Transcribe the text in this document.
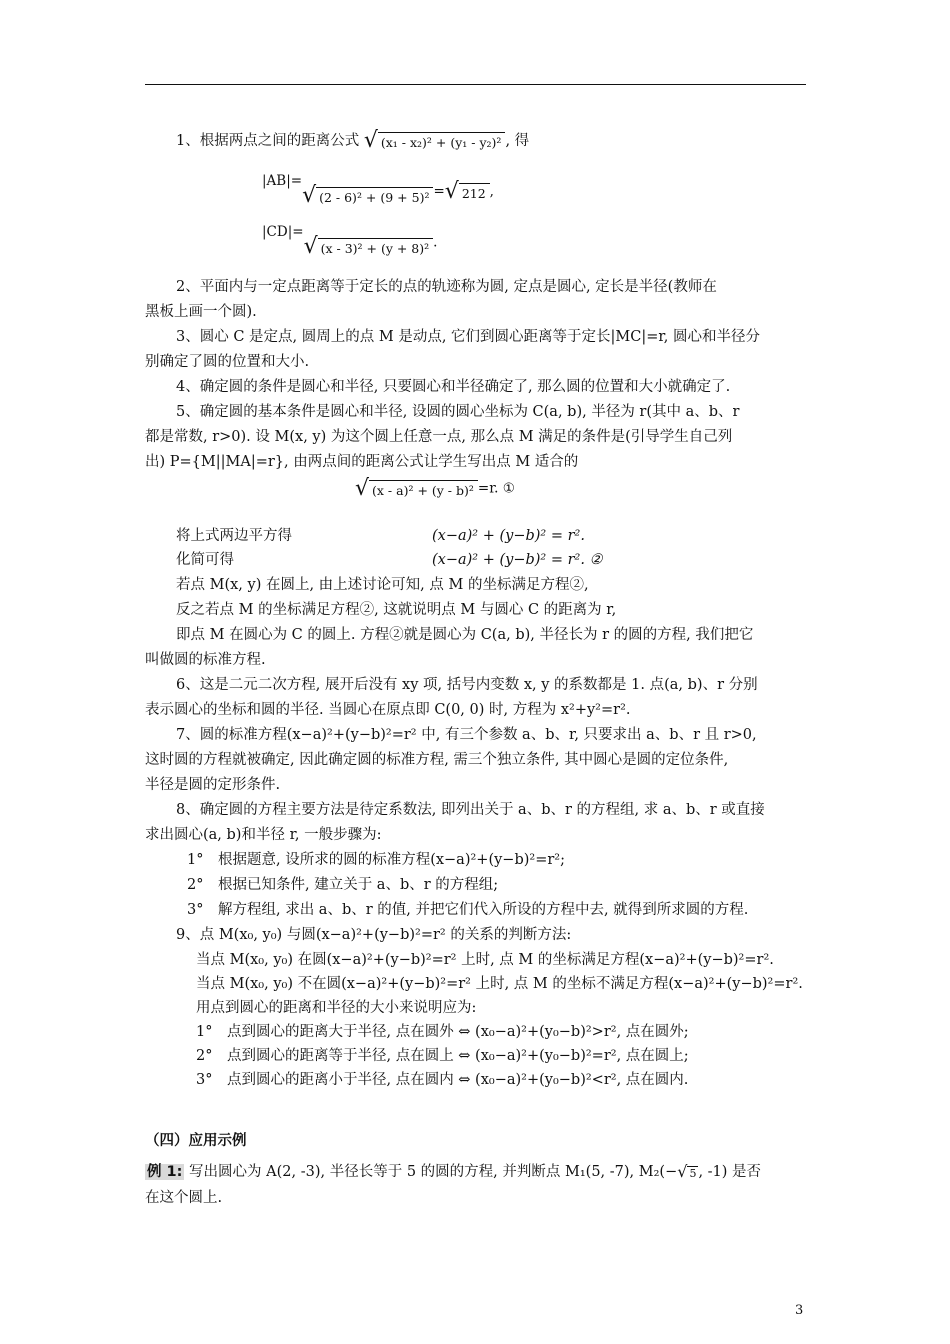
1、根据两点之间的距离公式 √ (x₁ - x₂)² + (y₁ - y₂)² , 得
|AB|=
√ (2 - 6)² + (9 + 5)² = √ 212 ,
|CD|=
√ (x - 3)² + (y + 8)² .
2、平面内与一定点距离等于定长的点的轨迹称为圆, 定点是圆心, 定长是半径(教师在
黑板上画一个圆).
3、圆心 C 是定点, 圆周上的点 M 是动点, 它们到圆心距离等于定长|MC|=r, 圆心和半径分
别确定了圆的位置和大小.
4、确定圆的条件是圆心和半径, 只要圆心和半径确定了, 那么圆的位置和大小就确定了.
5、确定圆的基本条件是圆心和半径, 设圆的圆心坐标为 C(a, b), 半径为 r(其中 a、b、r
都是常数, r>0). 设 M(x, y) 为这个圆上任意一点, 那么点 M 满足的条件是(引导学生自己列
出) P={M||MA|=r}, 由两点间的距离公式让学生写出点 M 适合的
√ (x - a)² + (y - b)² =r. ①
将上式两边平方得	(x−a)² + (y−b)² = r².
化简可得	(x−a)² + (y−b)² = r². ②
若点 M(x, y) 在圆上, 由上述讨论可知, 点 M 的坐标满足方程②,
反之若点 M 的坐标满足方程②, 这就说明点 M 与圆心 C 的距离为 r,
即点 M 在圆心为 C 的圆上. 方程②就是圆心为 C(a, b), 半径长为 r 的圆的方程, 我们把它
叫做圆的标准方程.
6、这是二元二次方程, 展开后没有 xy 项, 括号内变数 x, y 的系数都是 1. 点(a, b)、r 分别
表示圆心的坐标和圆的半径. 当圆心在原点即 C(0, 0) 时, 方程为 x²+y²=r².
7、圆的标准方程(x−a)²+(y−b)²=r² 中, 有三个参数 a、b、r, 只要求出 a、b、r 且 r>0,
这时圆的方程就被确定, 因此确定圆的标准方程, 需三个独立条件, 其中圆心是圆的定位条件,
半径是圆的定形条件.
8、确定圆的方程主要方法是待定系数法, 即列出关于 a、b、r 的方程组, 求 a、b、r 或直接
求出圆心(a, b)和半径 r, 一般步骤为:
1°　根据题意, 设所求的圆的标准方程(x−a)²+(y−b)²=r²;
2°　根据已知条件, 建立关于 a、b、r 的方程组;
3°　解方程组, 求出 a、b、r 的值, 并把它们代入所设的方程中去, 就得到所求圆的方程.
9、点 M(x₀, y₀) 与圆(x−a)²+(y−b)²=r² 的关系的判断方法:
当点 M(x₀, y₀) 在圆(x−a)²+(y−b)²=r² 上时, 点 M 的坐标满足方程(x−a)²+(y−b)²=r².
当点 M(x₀, y₀) 不在圆(x−a)²+(y−b)²=r² 上时, 点 M 的坐标不满足方程(x−a)²+(y−b)²=r².
用点到圆心的距离和半径的大小来说明应为:
1°　点到圆心的距离大于半径, 点在圆外 ⇔ (x₀−a)²+(y₀−b)²>r², 点在圆外;
2°　点到圆心的距离等于半径, 点在圆上 ⇔ (x₀−a)²+(y₀−b)²=r², 点在圆上;
3°　点到圆心的距离小于半径, 点在圆内 ⇔ (x₀−a)²+(y₀−b)²<r², 点在圆内.
（四）应用示例
例 1: 写出圆心为 A(2, -3), 半径长等于 5 的圆的方程, 并判断点 M₁(5, -7), M₂(− √ 5 , -1) 是否
在这个圆上.
3
